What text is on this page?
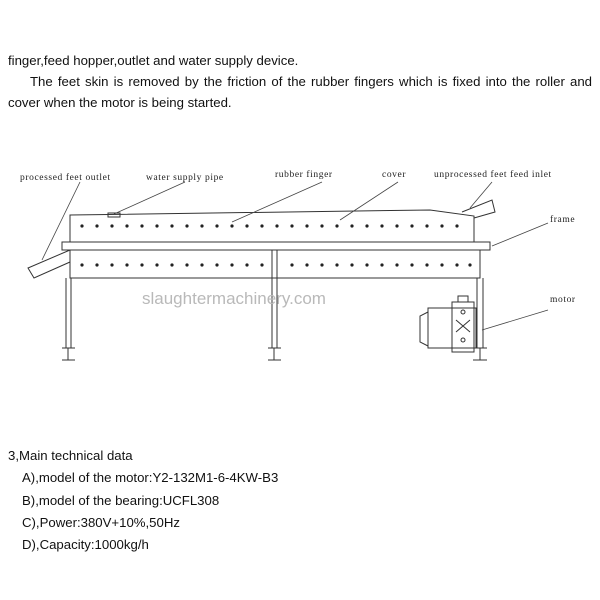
finger,feed hopper,outlet and water supply device.

The feet skin is removed by the friction of the rubber fingers which is fixed into the roller and cover when the motor is being started.

processed feet outlet	water supply pipe	rubber finger	cover	unprocessed feet feed inlet
frame
motor
slaughtermachinery.com
3,Main technical data
A),model of the motor:Y2-132M1-6-4KW-B3
B),model of the bearing:UCFL308
C),Power:380V+10%,50Hz
D),Capacity:1000kg/h
